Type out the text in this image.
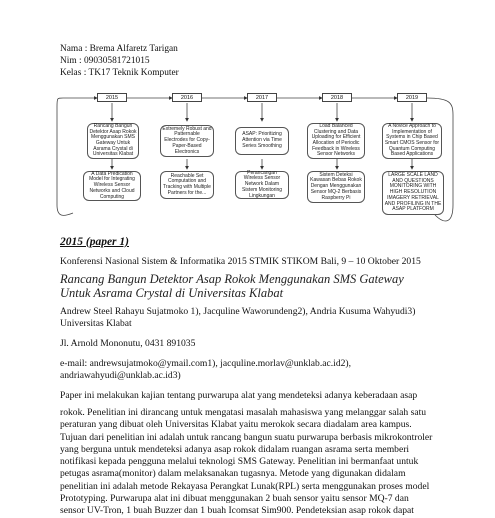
Nama : Brema Alfaretz Tarigan
Nim : 09030581721015
Kelas : TK17 Teknik Komputer
2015	2016	2017	2018	2019
Rancang Bangun Detektor Asap Rokok Menggunakan SMS Gateway Untuk Asrama Crystal di Universitas Klabat
Extremely Robust and Patternable Electrodes for Copy-Paper-Based Electronics
ASAP: Prioritizing Attention via Time Series Smoothing
Load Balanced Clustering and Data Uploading for Efficient Allocation of Periodic Feedback in Wireless Sensor Networks
A Novice Approach to Implementation of Systems in Chip Based Smart CMOS Sensor for Quantum Computing Based Applications
A Data Predication Model for Integrating Wireless Sensor Networks and Cloud Computing
Reachable Set Computation and Tracking with Multiple Partners for the...
Perancangan Wireless Sensor Network Dalam Sistem Monitoring Lingkungan
Sistem Deteksi Kawasan Bebas Rokok Dengan Menggunakan Sensor MQ-2 Berbasis Raspberry Pi
LARGE SCALE LAND AND QUESTIONS MONITORING WITH HIGH RESOLUTION IMAGERY RETRIEVAL AND PROFILING IN THE ASAP PLATFORM
2015 (paper 1)
Konferensi Nasional Sistem & Informatika 2015 STMIK STIKOM Bali, 9 – 10 Oktober 2015
Rancang Bangun Detektor Asap Rokok Menggunakan SMS Gateway
Untuk Asrama Crystal di Universitas Klabat
Andrew Steel Rahayu Sujatmoko 1), Jacquline Waworundeng2), Andria Kusuma Wahyudi3)
Universitas Klabat
Jl. Arnold Mononutu, 0431 891035
e-mail: andrewsujatmoko@ymail.com1), jacquline.morlav@unklab.ac.id2),
andriawahyudi@unklab.ac.id3)
Paper ini melakukan kajian tentang purwarupa alat yang mendeteksi adanya keberadaan asap
rokok. Penelitian ini dirancang untuk mengatasi masalah mahasiswa yang melanggar salah satu
peraturan yang dibuat oleh Universitas Klabat yaitu merokok secara diadalam area kampus.
Tujuan dari penelitian ini adalah untuk rancang bangun suatu purwarupa berbasis mikrokontroler
yang berguna untuk mendeteksi adanya asap rokok didalam ruangan asrama serta memberi
notifikasi kepada pengguna melalui teknologi SMS Gateway. Penelitian ini bermanfaat untuk
petugas asrama(monitor) dalam melaksanakan tugasnya. Metode yang digunakan didalam
penelitian ini adalah metode Rekayasa Perangkat Lunak(RPL) serta menggunakan proses model
Prototyping. Purwarupa alat ini dibuat menggunakan 2 buah sensor yaitu sensor MQ-7 dan
sensor UV-Tron, 1 buah Buzzer dan 1 buah Icomsat Sim900. Pendeteksian asap rokok dapat
